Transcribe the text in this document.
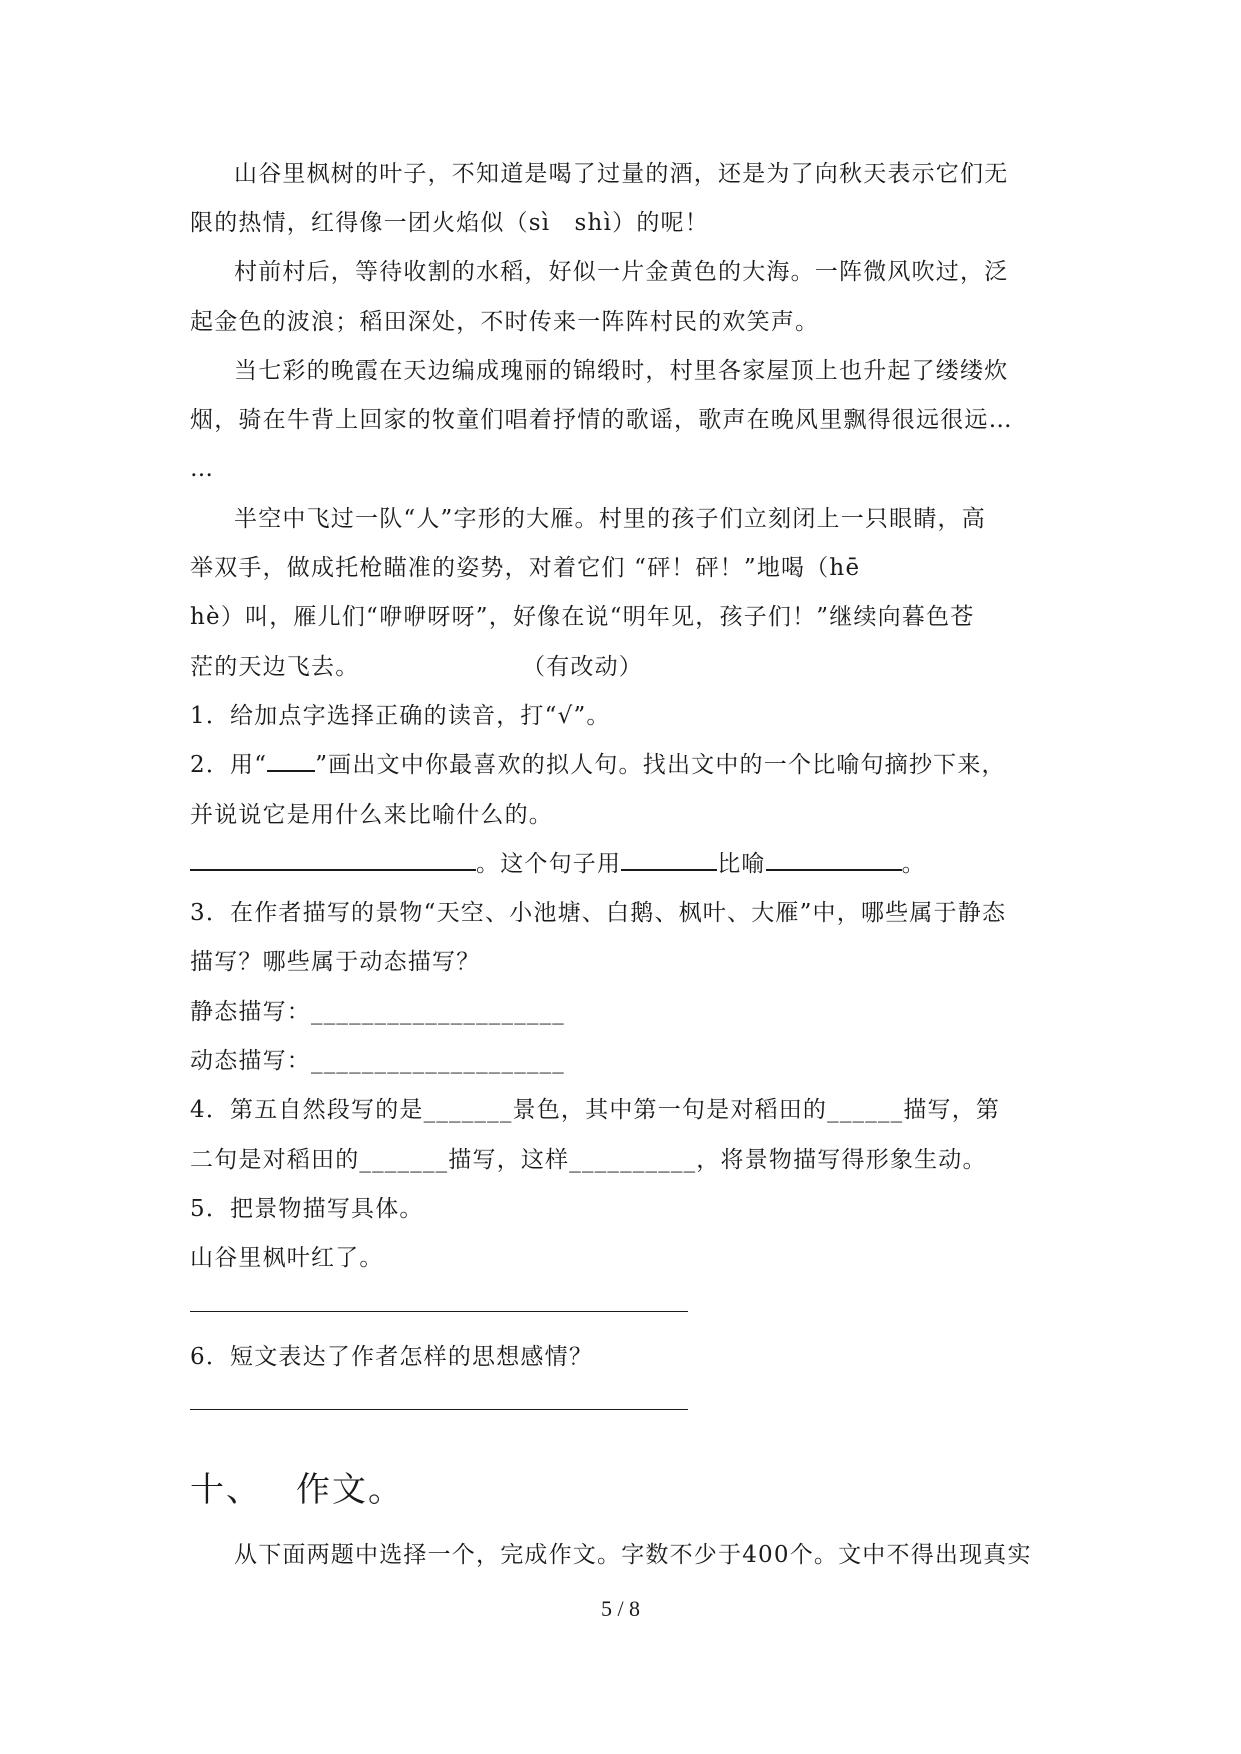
山谷里枫树的叶子，不知道是喝了过量的酒，还是为了向秋天表示它们无
限的热情，红得像一团火焰似（sì　shì）的呢！
村前村后，等待收割的水稻，好似一片金黄色的大海。一阵微风吹过，泛
起金色的波浪；稻田深处，不时传来一阵阵村民的欢笑声。
当七彩的晚霞在天边编成瑰丽的锦缎时，村里各家屋顶上也升起了缕缕炊
烟，骑在牛背上回家的牧童们唱着抒情的歌谣，歌声在晚风里飘得很远很远…
…
半空中飞过一队“人”字形的大雁。村里的孩子们立刻闭上一只眼睛，高
举双手，做成托枪瞄准的姿势，对着它们 “砰！砰！”地喝（hē
hè）叫，雁儿们“咿咿呀呀”，好像在说“明年见，孩子们！”继续向暮色苍
茫的天边飞去。	（有改动）
1．给加点字选择正确的读音，打“√”。
2．用“ ”画出文中你最喜欢的拟人句。找出文中的一个比喻句摘抄下来，
并说说它是用什么来比喻什么的。
。这个句子用	比喻	。
3．在作者描写的景物“天空、小池塘、白鹅、枫叶、大雁”中，哪些属于静态
描写？哪些属于动态描写？
静态描写：____________________
动态描写：____________________
4．第五自然段写的是_______景色，其中第一句是对稻田的______描写，第
二句是对稻田的_______描写，这样__________，将景物描写得形象生动。
5．把景物描写具体。
山谷里枫叶红了。
6．短文表达了作者怎样的思想感情？
十、 作文。
从下面两题中选择一个，完成作文。字数不少于400个。文中不得出现真实
5 / 8
